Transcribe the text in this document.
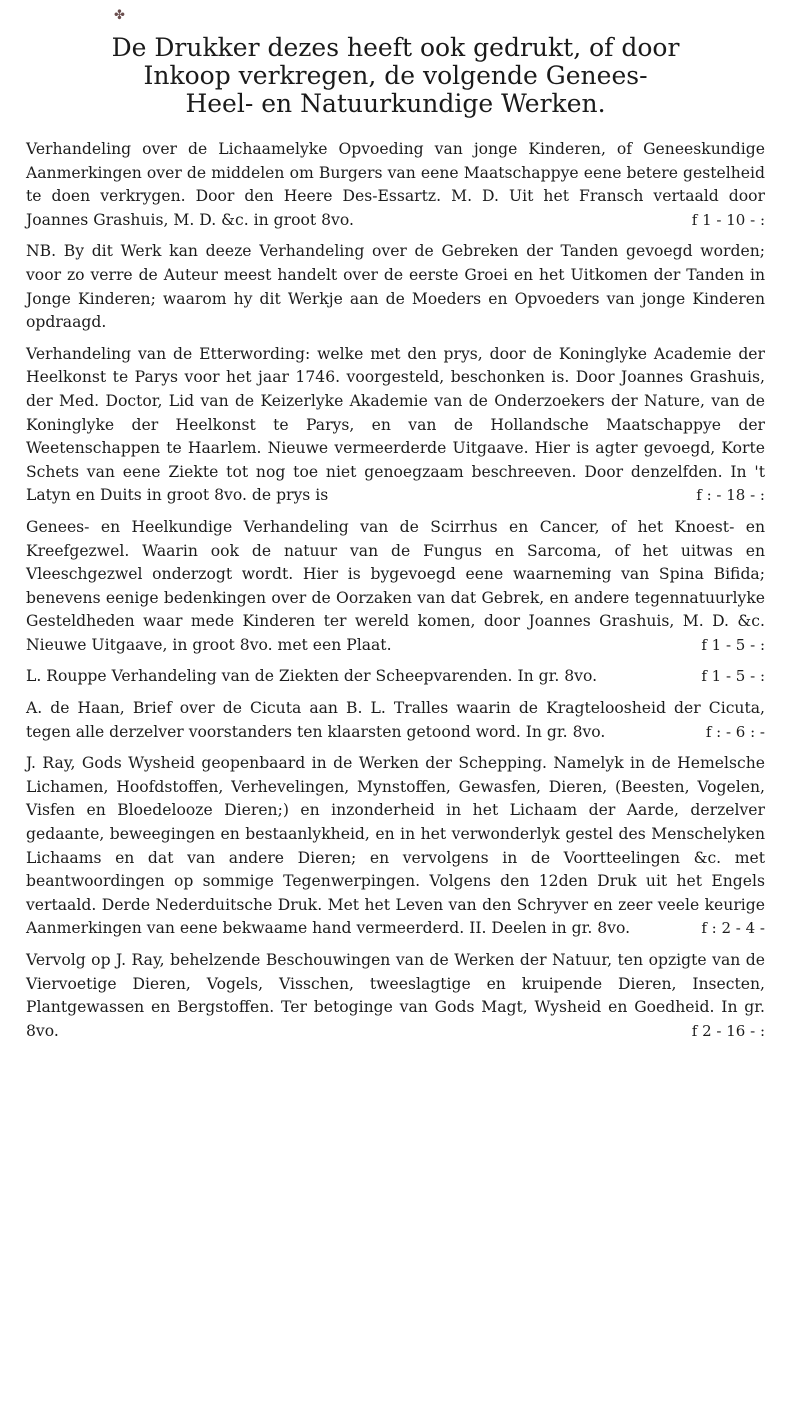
✤
De Drukker dezes heeft ook gedrukt, of door
Inkoop verkregen, de volgende Genees-
Heel- en Natuurkundige Werken.
Verhandeling over de Lichaamelyke Opvoeding van jonge Kinderen, of Geneeskundige Aanmerkingen over de middelen om Burgers van eene Maatschappye eene betere gestelheid te doen verkrygen. Door den Heere Des-Essartz. M. D. Uit het Fransch vertaald door Joannes Grashuis, M. D. &c. in groot 8vo.	f 1 - 10 - :
NB. By dit Werk kan deeze Verhandeling over de Gebreken der Tanden gevoegd worden; voor zo verre de Auteur meest handelt over de eerste Groei en het Uitkomen der Tanden in Jonge Kinderen; waarom hy dit Werkje aan de Moeders en Opvoeders van jonge Kinderen opdraagd.
Verhandeling van de Etterwording: welke met den prys, door de Koninglyke Academie der Heelkonst te Parys voor het jaar 1746. voorgesteld, beschonken is. Door Joannes Grashuis, der Med. Doctor, Lid van de Keizerlyke Akademie van de Onderzoekers der Nature, van de Koninglyke der Heelkonst te Parys, en van de Hollandsche Maatschappye der Weetenschappen te Haarlem. Nieuwe vermeerderde Uitgaave. Hier is agter gevoegd, Korte Schets van eene Ziekte tot nog toe niet genoegzaam beschreeven. Door denzelfden. In 't Latyn en Duits in groot 8vo. de prys is	f : - 18 - :
Genees- en Heelkundige Verhandeling van de Scirrhus en Cancer, of het Knoest- en Kreefgezwel. Waarin ook de natuur van de Fungus en Sarcoma, of het uitwas en Vleeschgezwel onderzogt wordt. Hier is bygevoegd eene waarneming van Spina Bifida; benevens eenige bedenkingen over de Oorzaken van dat Gebrek, en andere tegennatuurlyke Gesteldheden waar mede Kinderen ter wereld komen, door Joannes Grashuis, M. D. &c. Nieuwe Uitgaave, in groot 8vo. met een Plaat.	f 1 - 5 - :
L. Rouppe Verhandeling van de Ziekten der Scheepvarenden. In gr. 8vo.	f 1 - 5 - :
A. de Haan, Brief over de Cicuta aan B. L. Tralles waarin de Kragteloosheid der Cicuta, tegen alle derzelver voorstanders ten klaarsten getoond word. In gr. 8vo.	f : - 6 : -
J. Ray, Gods Wysheid geopenbaard in de Werken der Schepping. Namelyk in de Hemelsche Lichamen, Hoofdstoffen, Verhevelingen, Mynstoffen, Gewasfen, Dieren, (Beesten, Vogelen, Visfen en Bloedelooze Dieren;) en inzonderheid in het Lichaam der Aarde, derzelver gedaante, beweegingen en bestaanlykheid, en in het verwonderlyk gestel des Menschelyken Lichaams en dat van andere Dieren; en vervolgens in de Voortteelingen &c. met beantwoordingen op sommige Tegenwerpingen. Volgens den 12den Druk uit het Engels vertaald. Derde Nederduitsche Druk. Met het Leven van den Schryver en zeer veele keurige Aanmerkingen van eene bekwaame hand vermeerderd. II. Deelen in gr. 8vo.	f : 2 - 4 -
Vervolg op J. Ray, behelzende Beschouwingen van de Werken der Natuur, ten opzigte van de Viervoetige Dieren, Vogels, Visschen, tweeslagtige en kruipende Dieren, Insecten, Plantgewassen en Bergstoffen. Ter betoginge van Gods Magt, Wysheid en Goedheid. In gr. 8vo.	f 2 - 16 - :
